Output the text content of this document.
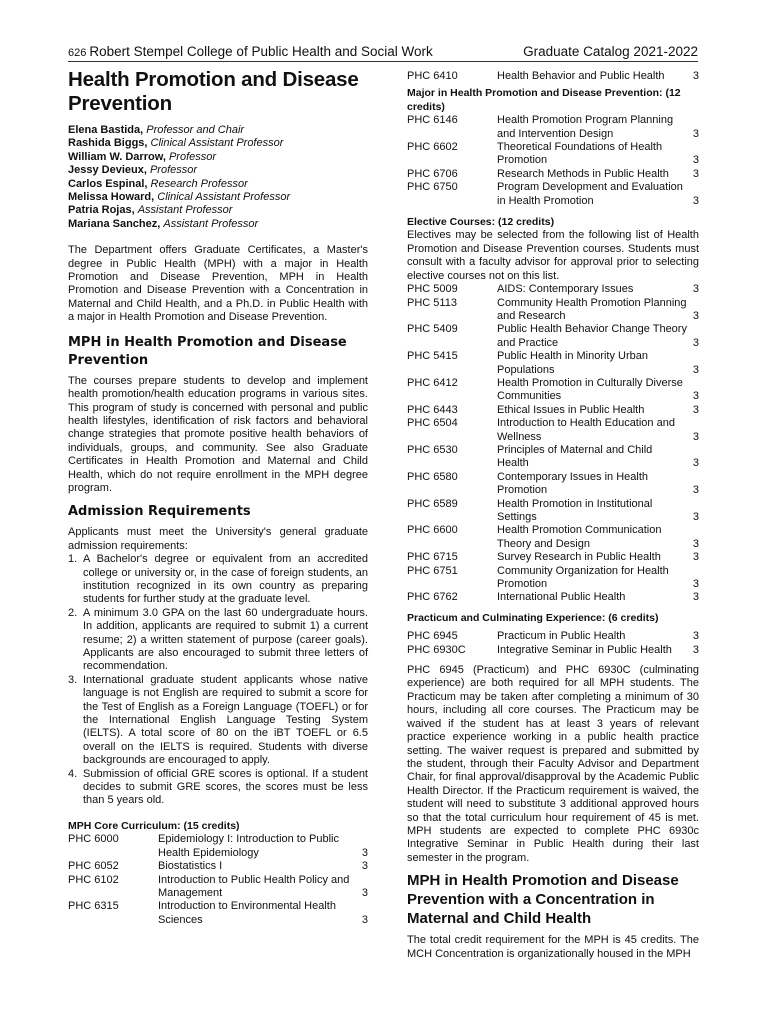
626 Robert Stempel College of Public Health and Social Work	Graduate Catalog 2021-2022
Health Promotion and Disease Prevention

Elena Bastida, Professor and Chair

Rashida Biggs, Clinical Assistant Professor

William W. Darrow, Professor

Jessy Devieux, Professor

Carlos Espinal, Research Professor

Melissa Howard, Clinical Assistant Professor

Patria Rojas, Assistant Professor

Mariana Sanchez, Assistant Professor

The Department offers Graduate Certificates, a Master's degree in Public Health (MPH) with a major in Health Promotion and Disease Prevention, MPH in Health Promotion and Disease Prevention with a Concentration in Maternal and Child Health, and a Ph.D. in Public Health with a major in Health Promotion and Disease Prevention.

MPH in Health Promotion and Disease Prevention

The courses prepare students to develop and implement health promotion/health education programs in various sites. This program of study is concerned with personal and public health lifestyles, identification of risk factors and behavioral change strategies that promote positive health behaviors of individuals, groups, and community. See also Graduate Certificates in Health Promotion and Maternal and Child Health, which do not require enrollment in the MPH degree program.

Admission Requirements

Applicants must meet the University's general graduate admission requirements:

1. A Bachelor's degree or equivalent from an accredited college or university or, in the case of foreign students, an institution recognized in its own country as preparing students for further study at the graduate level.
2. A minimum 3.0 GPA on the last 60 undergraduate hours. In addition, applicants are required to submit 1) a current resume; 2) a written statement of purpose (career goals). Applicants are also encouraged to submit three letters of recommendation.
3. International graduate student applicants whose native language is not English are required to submit a score for the Test of English as a Foreign Language (TOEFL) or for the International English Language Testing System (IELTS). A total score of 80 on the iBT TOEFL or 6.5 overall on the IELTS is required. Students with diverse backgrounds are encouraged to apply.
4. Submission of official GRE scores is optional. If a student decides to submit GRE scores, the scores must be less than 5 years old.

MPH Core Curriculum: (15 credits)

PHC 6000	Epidemiology I: Introduction to Public Health Epidemiology	3
PHC 6052	Biostatistics I	3
PHC 6102	Introduction to Public Health Policy and Management	3
PHC 6315	Introduction to Environmental Health Sciences	3
PHC 6410	Health Behavior and Public Health	3

Major in Health Promotion and Disease Prevention: (12 credits)

PHC 6146	Health Promotion Program Planning and Intervention Design	3
PHC 6602	Theoretical Foundations of Health Promotion	3
PHC 6706	Research Methods in Public Health	3
PHC 6750	Program Development and Evaluation in Health Promotion	3

Elective Courses: (12 credits)

Electives may be selected from the following list of Health Promotion and Disease Prevention courses. Students must consult with a faculty advisor for approval prior to selecting elective courses not on this list.

PHC 5009	AIDS: Contemporary Issues	3
PHC 5113	Community Health Promotion Planning and Research	3
PHC 5409	Public Health Behavior Change Theory and Practice	3
PHC 5415	Public Health in Minority Urban Populations	3
PHC 6412	Health Promotion in Culturally Diverse Communities	3
PHC 6443	Ethical Issues in Public Health	3
PHC 6504	Introduction to Health Education and Wellness	3
PHC 6530	Principles of Maternal and Child Health	3
PHC 6580	Contemporary Issues in Health Promotion	3
PHC 6589	Health Promotion in Institutional Settings	3
PHC 6600	Health Promotion Communication Theory and Design	3
PHC 6715	Survey Research in Public Health	3
PHC 6751	Community Organization for Health Promotion	3
PHC 6762	International Public Health	3

Practicum and Culminating Experience: (6 credits)

PHC 6945	Practicum in Public Health	3
PHC 6930C	Integrative Seminar in Public Health	3

PHC 6945 (Practicum) and PHC 6930C (culminating experience) are both required for all MPH students. The Practicum may be taken after completing a minimum of 30 hours, including all core courses. The Practicum may be waived if the student has at least 3 years of relevant practice experience working in a public health practice setting. The waiver request is prepared and submitted by the student, through their Faculty Advisor and Department Chair, for final approval/disapproval by the Academic Public Health Director. If the Practicum requirement is waived, the student will need to substitute 3 additional approved hours so that the total curriculum hour requirement of 45 is met. MPH students are expected to complete PHC 6930c Integrative Seminar in Public Health during their last semester in the program.

MPH in Health Promotion and Disease Prevention with a Concentration in Maternal and Child Health

The total credit requirement for the MPH is 45 credits. The MCH Concentration is organizationally housed in the MPH
